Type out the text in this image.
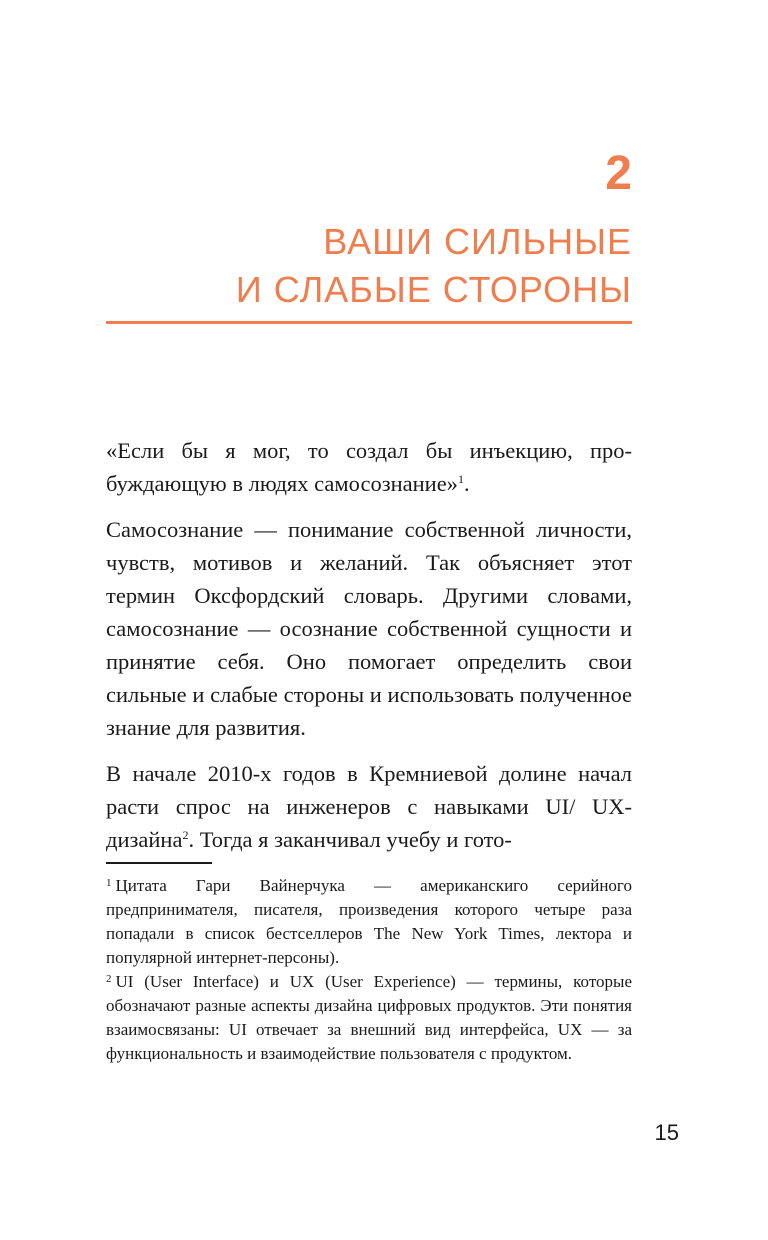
2
ВАШИ СИЛЬНЫЕ
И СЛАБЫЕ СТОРОНЫ

«Если бы я мог, то создал бы инъекцию, пробуждающую в людях самосознание»$^1$.

Самосознание — понимание собственной личности, чувств, мотивов и желаний. Так объясняет этот термин Оксфордский словарь. Другими словами, самосознание — осознание собственной сущности и принятие себя. Оно помогает определить свои сильные и слабые стороны и использовать полученное знание для развития.

В начале 2010-х годов в Кремниевой долине начал расти спрос на инженеров с навыками UI/ UX-дизайна$^2$. Тогда я заканчивал учебу и гото-

$^1$ Цитата Гари Вайнерчука — американскиго серийного предпринимателя, писателя, произведения которого четыре раза попадали в список бестселлеров The New York Times, лектора и популярной интернет-персоны).

$^2$ UI (User Interface) и UX (User Experience) — термины, которые обозначают разные аспекты дизайна цифровых продуктов. Эти понятия взаимосвязаны: UI отвечает за внешний вид интерфейса, UX — за функциональность и взаимодействие пользователя с продуктом.

15
